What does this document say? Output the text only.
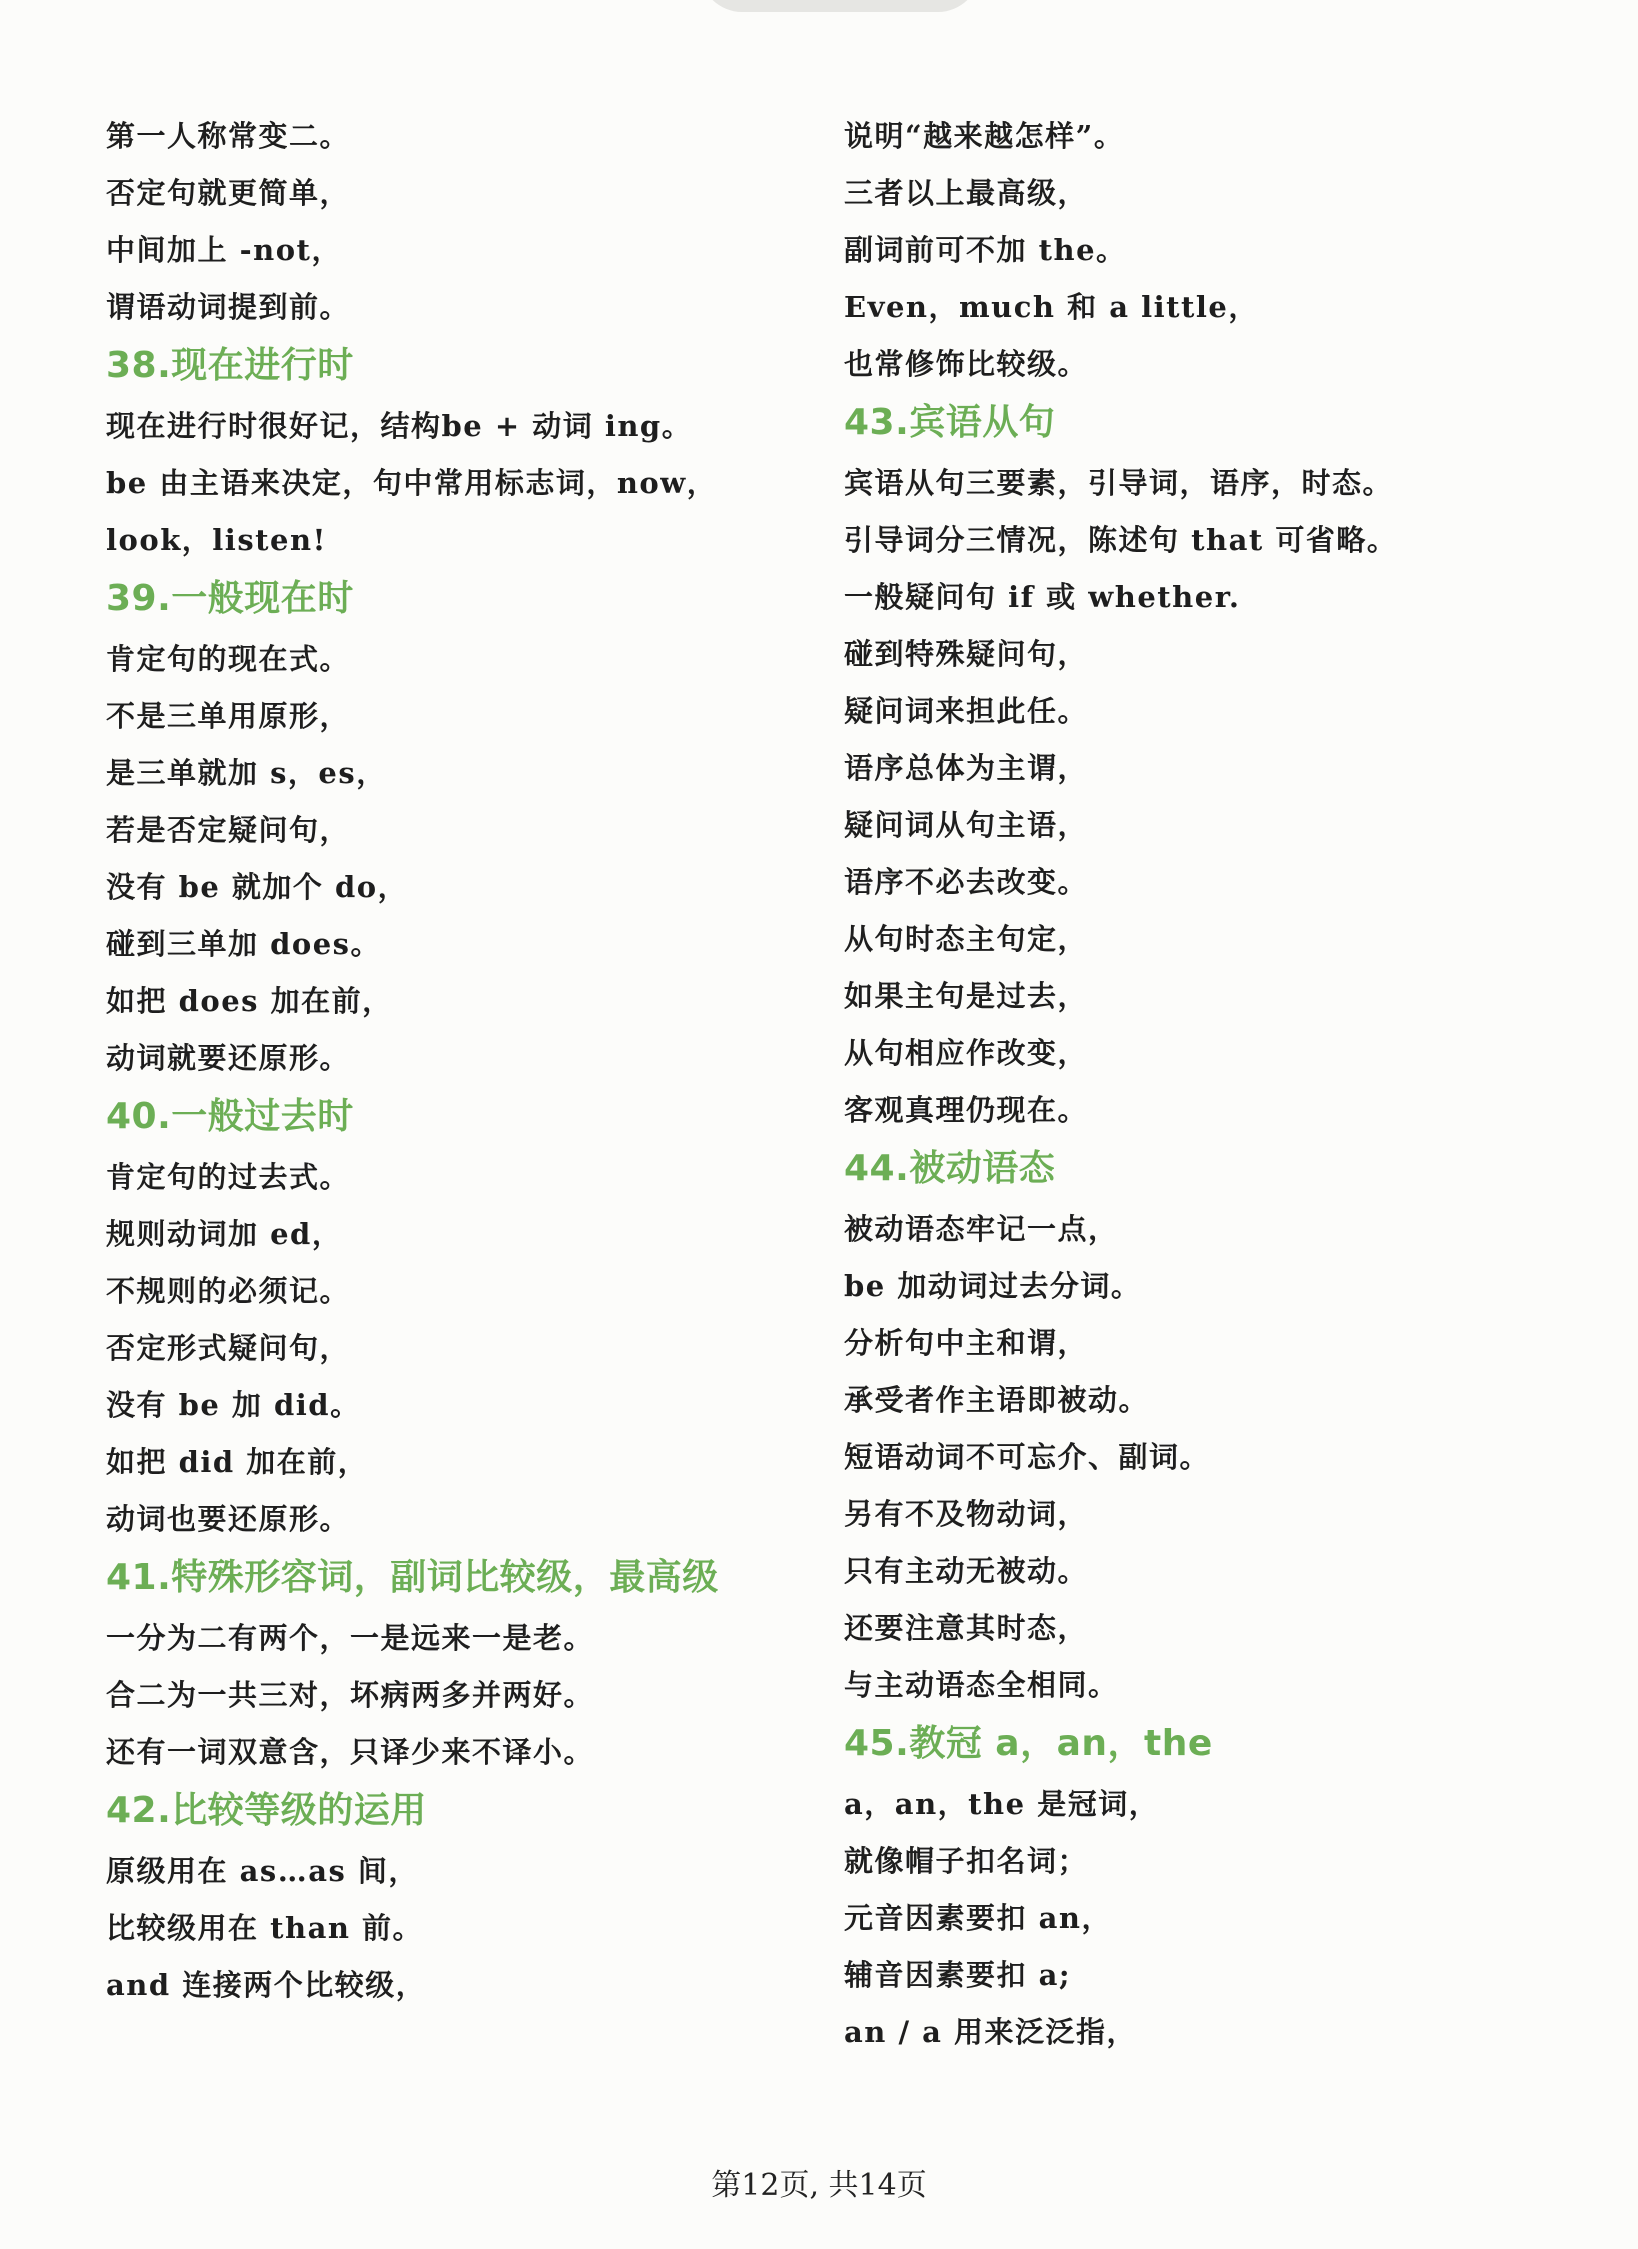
第一人称常变二。
否定句就更简单，
中间加上 -not，
谓语动词提到前。
38.现在进行时
现在进行时很好记，结构be + 动词 ing。
be 由主语来决定，句中常用标志词，now，
look，listen!
39.一般现在时
肯定句的现在式。
不是三单用原形，
是三单就加 s，es，
若是否定疑问句，
没有 be 就加个 do，
碰到三单加 does。
如把 does 加在前，
动词就要还原形。
40.一般过去时
肯定句的过去式。
规则动词加 ed，
不规则的必须记。
否定形式疑问句，
没有 be 加 did。
如把 did 加在前，
动词也要还原形。
41.特殊形容词，副词比较级，最高级
一分为二有两个，一是远来一是老。
合二为一共三对，坏病两多并两好。
还有一词双意含，只译少来不译小。
42.比较等级的运用
原级用在 as…as 间，
比较级用在 than 前。
and 连接两个比较级，
说明“越来越怎样”。
三者以上最高级，
副词前可不加 the。
Even，much 和 a little，
也常修饰比较级。
43.宾语从句
宾语从句三要素，引导词，语序，时态。
引导词分三情况，陈述句 that 可省略。
一般疑问句 if 或 whether.
碰到特殊疑问句，
疑问词来担此任。
语序总体为主谓，
疑问词从句主语，
语序不必去改变。
从句时态主句定，
如果主句是过去，
从句相应作改变，
客观真理仍现在。
44.被动语态
被动语态牢记一点，
be 加动词过去分词。
分析句中主和谓，
承受者作主语即被动。
短语动词不可忘介、副词。
另有不及物动词，
只有主动无被动。
还要注意其时态，
与主动语态全相同。
45.教冠 a，an，the
a，an，the 是冠词，
就像帽子扣名词；
元音因素要扣 an，
辅音因素要扣 a;
an / a 用来泛泛指，
第12页, 共14页
